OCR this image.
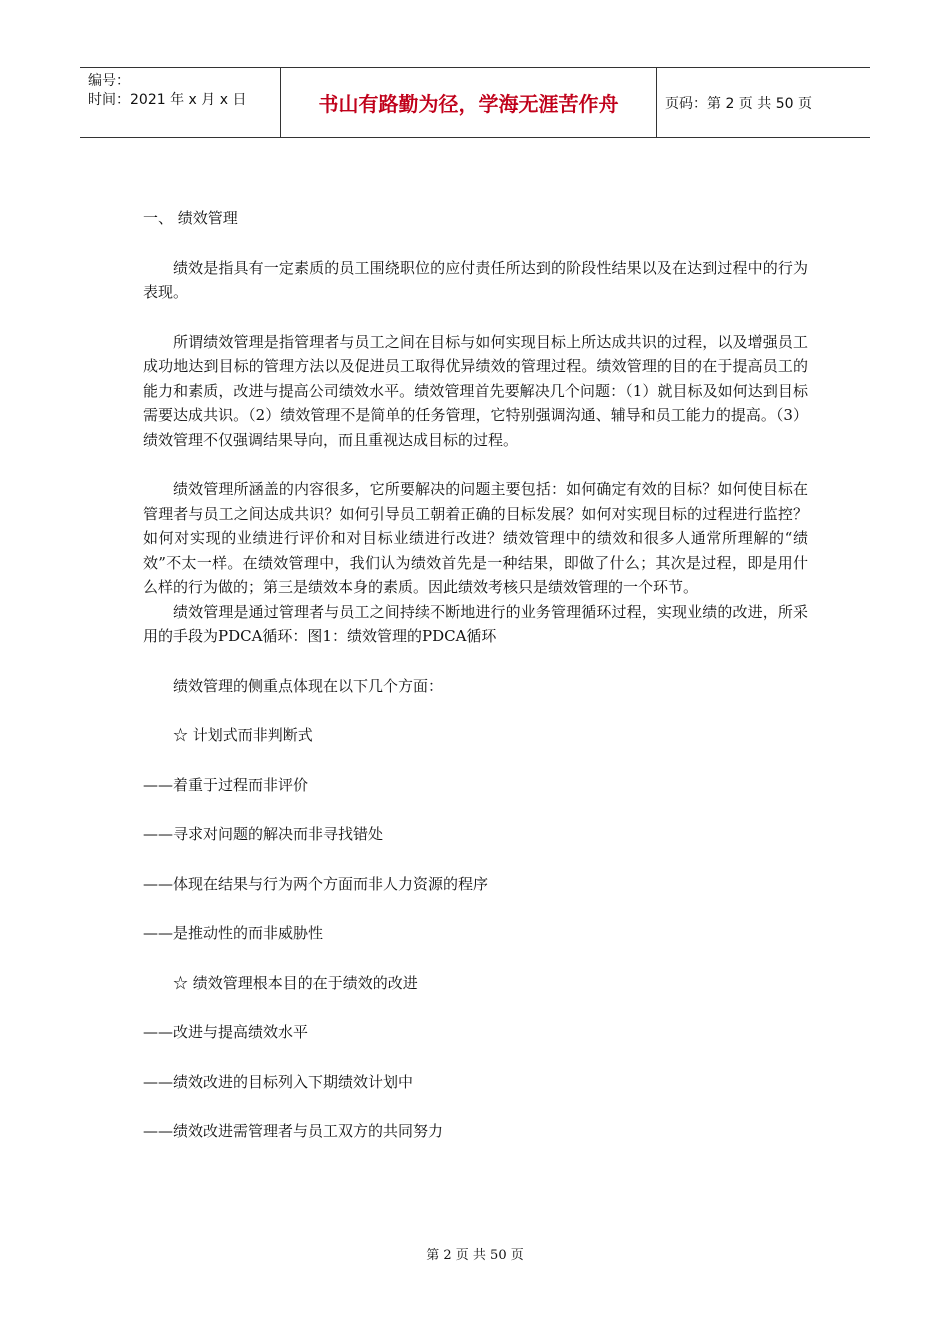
编号：
时间：2021 年 x 月 x 日	书山有路勤为径，学海无涯苦作舟	页码：第 2 页 共 50 页

一、 绩效管理

绩效是指具有一定素质的员工围绕职位的应付责任所达到的阶段性结果以及在达到过程中的行为表现。

所谓绩效管理是指管理者与员工之间在目标与如何实现目标上所达成共识的过程，以及增强员工成功地达到目标的管理方法以及促进员工取得优异绩效的管理过程。绩效管理的目的在于提高员工的能力和素质，改进与提高公司绩效水平。绩效管理首先要解决几个问题：（1）就目标及如何达到目标需要达成共识。（2）绩效管理不是简单的任务管理，它特别强调沟通、辅导和员工能力的提高。（3）绩效管理不仅强调结果导向，而且重视达成目标的过程。

绩效管理所涵盖的内容很多，它所要解决的问题主要包括：如何确定有效的目标？如何使目标在管理者与员工之间达成共识？如何引导员工朝着正确的目标发展？如何对实现目标的过程进行监控？如何对实现的业绩进行评价和对目标业绩进行改进？绩效管理中的绩效和很多人通常所理解的“绩效”不太一样。在绩效管理中，我们认为绩效首先是一种结果，即做了什么；其次是过程，即是用什么样的行为做的；第三是绩效本身的素质。因此绩效考核只是绩效管理的一个环节。

绩效管理是通过管理者与员工之间持续不断地进行的业务管理循环过程，实现业绩的改进，所采用的手段为PDCA循环：图1：绩效管理的PDCA循环

绩效管理的侧重点体现在以下几个方面：

☆ 计划式而非判断式

——着重于过程而非评价

——寻求对问题的解决而非寻找错处

——体现在结果与行为两个方面而非人力资源的程序

——是推动性的而非威胁性

☆ 绩效管理根本目的在于绩效的改进

——改进与提高绩效水平

——绩效改进的目标列入下期绩效计划中

——绩效改进需管理者与员工双方的共同努力

第 2 页 共 50 页
